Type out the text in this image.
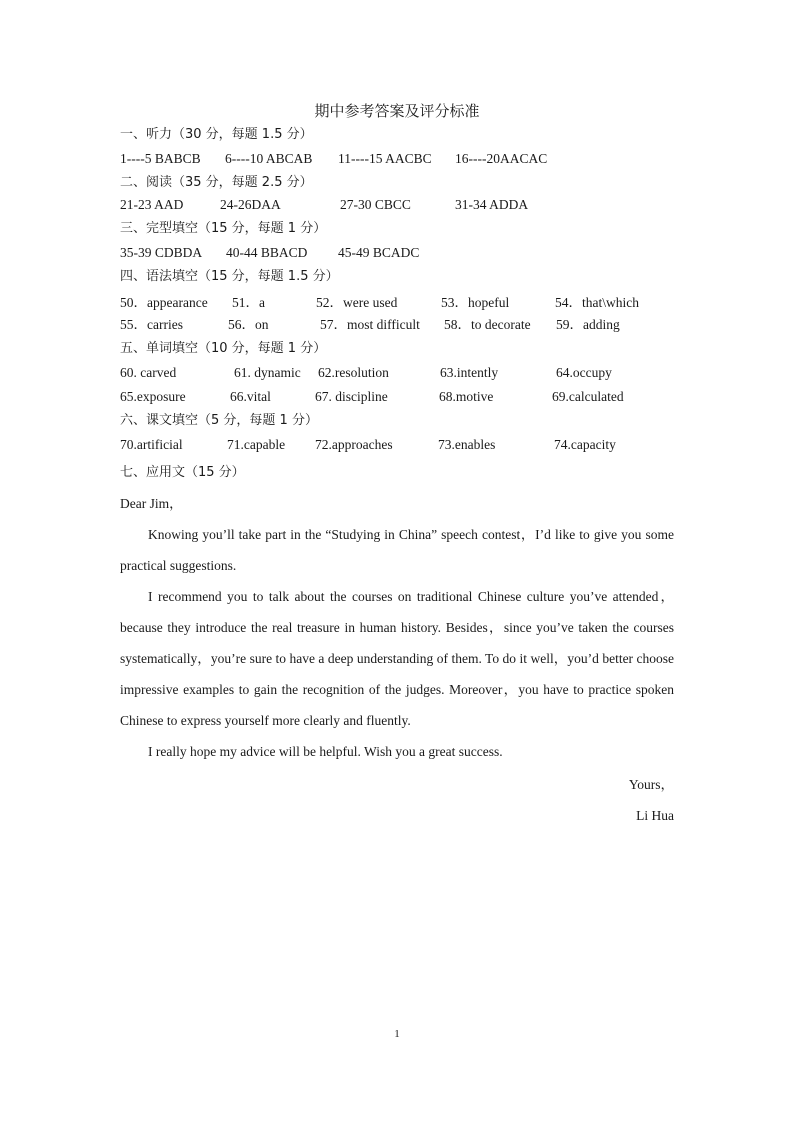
期中参考答案及评分标准
一、听力（30 分，每题 1.5 分）
1----5 BABCB 6----10 ABCAB 11----15 AACBC 16----20AACAC
二、阅读（35 分，每题 2.5 分）
21-23 AAD	24-26DAA	27-30 CBCC	31-34 ADDA
三、完型填空（15 分，每题 1 分）
35-39 CDBDA 40-44 BBACD 45-49 BCADC
四、语法填空（15 分，每题 1.5 分）
50．appearance 51．a	52．were used	53．hopeful	54．that\which
55．carries	56．on	57．most difficult 58．to decorate 59．adding
五、单词填空（10 分，每题 1 分）
60. carved	61. dynamic 62.resolution	63.intently	64.occupy
65.exposure	66.vital	67. discipline	68.motive	69.calculated
六、课文填空（5 分，每题 1 分）
70.artificial	71.capable 72.approaches	73.enables	74.capacity
七、应用文（15 分）
Dear Jim，

Knowing you’ll take part in the “Studying in China” speech contest，I’d like to give you some practical suggestions.

I recommend you to talk about the courses on traditional Chinese culture you’ve attended，because they introduce the real treasure in human history. Besides，since you’ve taken the courses systematically，you’re sure to have a deep understanding of them. To do it well，you’d better choose impressive examples to gain the recognition of the judges. Moreover，you have to practice spoken Chinese to express yourself more clearly and fluently.

I really hope my advice will be helpful. Wish you a great success.

Yours，
Li Hua
1
